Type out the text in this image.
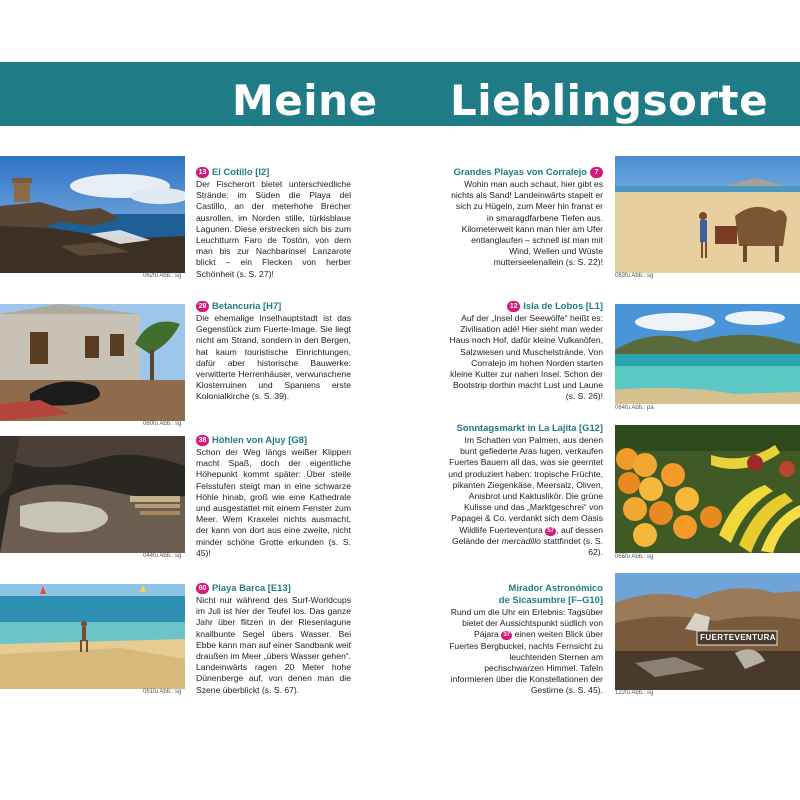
Meine Lieblingsorte
062fu Abb.: sg
13 El Cotillo [I2]
Der Fischerort bietet unterschiedliche Strände: im Süden die Playa del Castillo, an der meterhohe Brecher ausrollen, im Norden stille, türkisblaue Lagunen. Diese erstrecken sich bis zum Leuchtturm Faro de Tostón, von dem man bis zur Nachbarinsel Lanzarote blickt – ein Flecken von herber Schönheit (s. S. 27)!
060fu Abb.: sg
28 Betancuria [H7]
Die ehemalige Inselhauptstadt ist das Gegenstück zum Fuerte-Image. Sie liegt nicht am Strand, sondern in den Bergen, hat kaum touristische Einrichtungen, dafür aber historische Bauwerke: verwitterte Herrenhäuser, verwunschene Klosterruinen und Spaniens erste Kolonialkirche (s. S. 39).
044fu Abb.: sg
38 Höhlen von Ajuy [G8]
Schon der Weg längs weißer Klippen macht Spaß, doch der eigentliche Höhepunkt kommt später: Über steile Felsstufen steigt man in eine schwarze Höhle hinab, groß wie eine Kathedrale und ausgestattet mit einem Fenster zum Meer. Wem Kraxelei nichts ausmacht, der kann von dort aus eine zweite, nicht minder schöne Grotte erkunden (s. S. 45)!
061fu Abb.: sg
60 Playa Barca [E13]
Nicht nur während des Surf-Worldcups im Juli ist hier der Teufel los. Das ganze Jahr über flitzen in der Riesenlagune knallbunte Segel übers Wasser. Bei Ebbe kann man auf einer Sandbank weit draußen im Meer „übers Wasser gehen“. Landeinwärts ragen 20 Meter hohe Dünenberge auf, von denen man die Szene überblickt (s. S. 67).
Grandes Playas von Corralejo 7
Wohin man auch schaut, hier gibt es nichts als Sand! Landeinwärts stapelt er sich zu Hügeln, zum Meer hin franst er in smaragdfarbene Tiefen aus. Kilometerweit kann man hier am Ufer entlanglaufen – schnell ist man mit Wind, Wellen und Wüste mutterseelenallein (s. S. 22)!
063fu Abb.: sg
12 Isla de Lobos [L1]
Auf der „Insel der Seewölfe“ heißt es: Zivilisation adé! Hier sieht man weder Haus noch Hof, dafür kleine Vulkanöfen, Salzwiesen und Muschelstrände. Von Corralejo im hohen Norden starten kleine Kutter zur nahen Insel. Schon der Bootstrip dorthin macht Lust und Laune (s. S. 26)!
064fu Abb.: pa
Sonntagsmarkt in La Lajita [G12]
Im Schatten von Palmen, aus denen bunt gefiederte Aras lugen, verkaufen Fuertes Bauern all das, was sie geerntet und produziert haben: tropische Früchte, pikanten Ziegenkäse, Meersalz, Oliven, Anisbrot und Kaktuslikör. Die grüne Kulisse und das „Marktgeschrei“ von Papagei & Co. verdankt sich dem Oasis Wildlife Fuerteventura 57 , auf dessen Gelände der mercadillo stattfindet (s. S. 62). 065fu Abb.: sg
Mirador Astronómico
de Sicasumbre [F–G10]
Rund um die Uhr ein Erlebnis: Tagsüber bietet der Aussichtspunkt südlich von Pájara 37 einen weiten Blick über Fuertes Bergbuckel, nachts Fernsicht zu leuchtenden Sternen am pechschwarzen Himmel. Tafeln informieren über die Konstellationen der Gestirne (s. S. 45).
FUERTEVENTURA
122fu Abb.: sg
